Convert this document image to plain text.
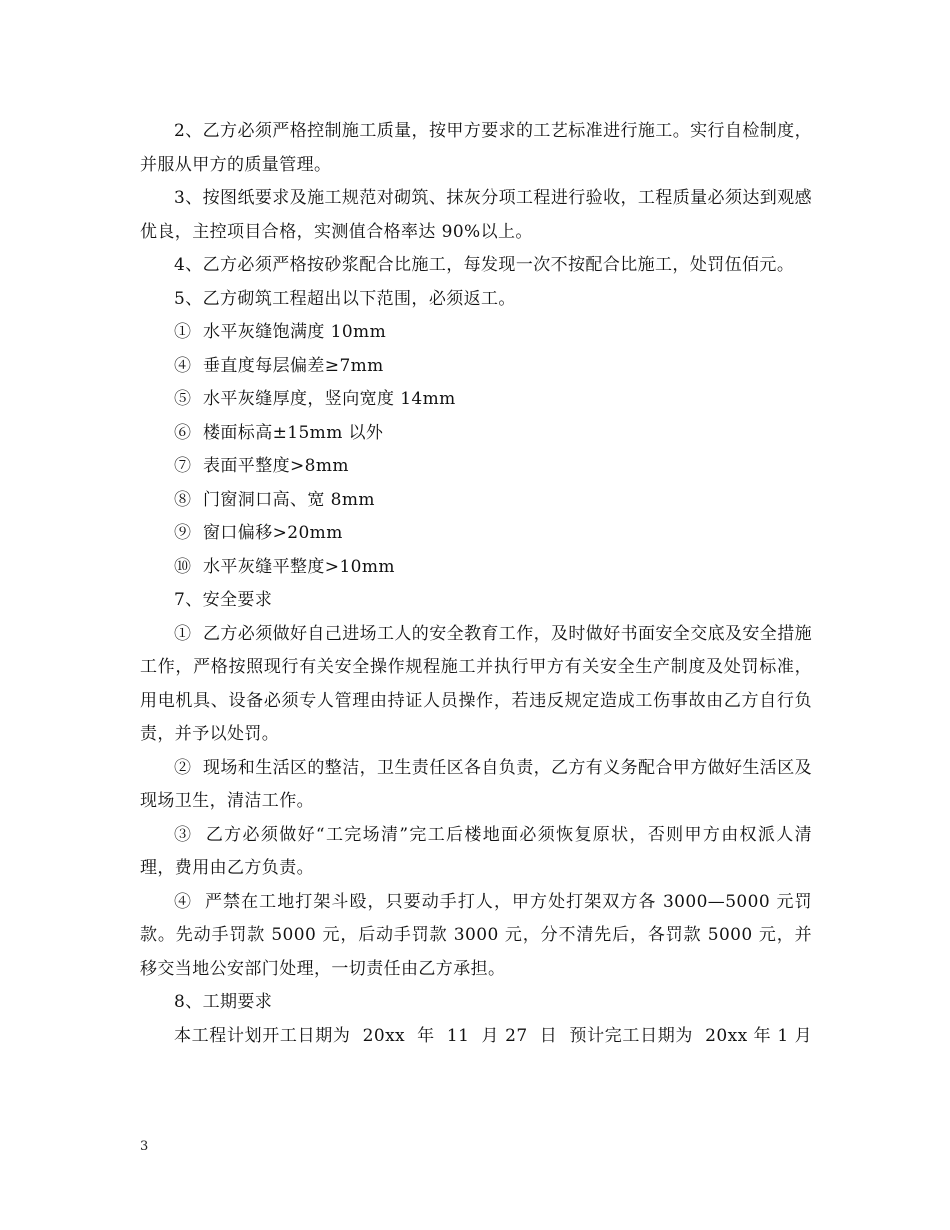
2、乙方必须严格控制施工质量，按甲方要求的工艺标准进行施工。实行自检制度，并服从甲方的质量管理。

3、按图纸要求及施工规范对砌筑、抹灰分项工程进行验收，工程质量必须达到观感优良，主控项目合格，实测值合格率达 90%以上。

4、乙方必须严格按砂浆配合比施工，每发现一次不按配合比施工，处罚伍佰元。

5、乙方砌筑工程超出以下范围，必须返工。

①  水平灰缝饱满度 10mm

④  垂直度每层偏差≥7mm

⑤  水平灰缝厚度，竖向宽度 14mm

⑥  楼面标高±15mm 以外

⑦  表面平整度>8mm

⑧  门窗洞口高、宽 8mm

⑨  窗口偏移>20mm

⑩  水平灰缝平整度>10mm

7、安全要求

①  乙方必须做好自己进场工人的安全教育工作，及时做好书面安全交底及安全措施工作，严格按照现行有关安全操作规程施工并执行甲方有关安全生产制度及处罚标准，用电机具、设备必须专人管理由持证人员操作，若违反规定造成工伤事故由乙方自行负责，并予以处罚。

②  现场和生活区的整洁，卫生责任区各自负责，乙方有义务配合甲方做好生活区及现场卫生，清洁工作。

③  乙方必须做好“工完场清”完工后楼地面必须恢复原状，否则甲方由权派人清理，费用由乙方负责。

④  严禁在工地打架斗殴，只要动手打人，甲方处打架双方各 3000—5000 元罚款。先动手罚款 5000 元，后动手罚款 3000 元，分不清先后，各罚款 5000 元，并移交当地公安部门处理，一切责任由乙方承担。

8、工期要求

本工程计划开工日期为  20xx  年  11  月 27  日  预计完工日期为  20xx 年 1 月

3
